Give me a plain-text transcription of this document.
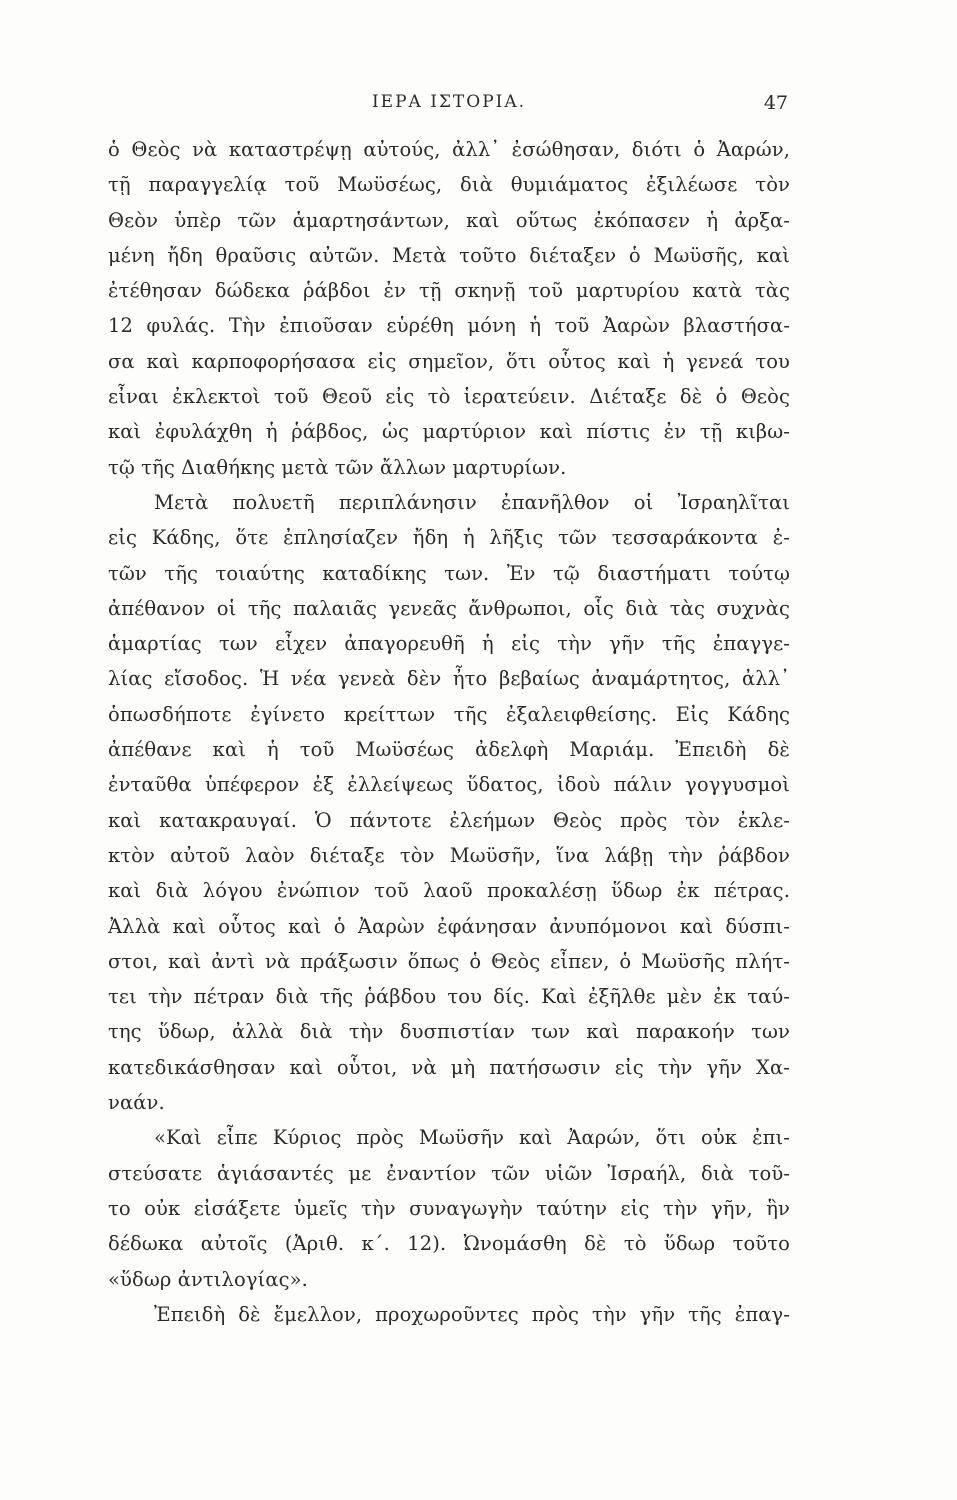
ΙΕΡΑ ΙΣΤΟΡΙΑ.	47
ὁ Θεὸς νὰ καταστρέψῃ αὐτούς, ἀλλ᾽ ἐσώθησαν, διότι ὁ Ἀαρών,
τῇ παραγγελίᾳ τοῦ Μωϋσέως, διὰ θυμιάματος ἐξιλέωσε τὸν
Θεὸν ὑπὲρ τῶν ἁμαρτησάντων, καὶ οὕτως ἐκόπασεν ἡ ἀρξα-
μένη ἤδη θραῦσις αὐτῶν. Μετὰ τοῦτο διέταξεν ὁ Μωϋσῆς, καὶ
ἐτέθησαν δώδεκα ῥάβδοι ἐν τῇ σκηνῇ τοῦ μαρτυρίου κατὰ τὰς
12 φυλάς. Τὴν ἐπιοῦσαν εὑρέθη μόνη ἡ τοῦ Ἀαρὼν βλαστήσα-
σα καὶ καρποφορήσασα εἰς σημεῖον, ὅτι οὗτος καὶ ἡ γενεά του
εἶναι ἐκλεκτοὶ τοῦ Θεοῦ εἰς τὸ ἱερατεύειν. Διέταξε δὲ ὁ Θεὸς
καὶ ἐφυλάχθη ἡ ῥάβδος, ὡς μαρτύριον καὶ πίστις ἐν τῇ κιβω-
τῷ τῆς Διαθήκης μετὰ τῶν ἄλλων μαρτυρίων.
Μετὰ πολυετῆ περιπλάνησιν ἐπανῆλθον οἱ Ἰσραηλῖται
εἰς Κάδης, ὅτε ἐπλησίαζεν ἤδη ἡ λῆξις τῶν τεσσαράκοντα ἐ-
τῶν τῆς τοιαύτης καταδίκης των. Ἐν τῷ διαστήματι τούτῳ
ἀπέθανον οἱ τῆς παλαιᾶς γενεᾶς ἄνθρωποι, οἷς διὰ τὰς συχνὰς
ἁμαρτίας των εἶχεν ἀπαγορευθῆ ἡ εἰς τὴν γῆν τῆς ἐπαγγε-
λίας εἴσοδος. Ἡ νέα γενεὰ δὲν ἦτο βεβαίως ἀναμάρτητος, ἀλλ᾽
ὁπωσδήποτε ἐγίνετο κρείττων τῆς ἐξαλειφθείσης. Εἰς Κάδης
ἀπέθανε καὶ ἡ τοῦ Μωϋσέως ἀδελφὴ Μαριάμ. Ἐπειδὴ δὲ
ἐνταῦθα ὑπέφερον ἐξ ἐλλείψεως ὕδατος, ἰδοὺ πάλιν γογγυσμοὶ
καὶ κατακραυγαί. Ὁ πάντοτε ἐλεήμων Θεὸς πρὸς τὸν ἐκλε-
κτὸν αὐτοῦ λαὸν διέταξε τὸν Μωϋσῆν, ἵνα λάβῃ τὴν ῥάβδον
καὶ διὰ λόγου ἐνώπιον τοῦ λαοῦ προκαλέσῃ ὕδωρ ἐκ πέτρας.
Ἀλλὰ καὶ οὗτος καὶ ὁ Ἀαρὼν ἐφάνησαν ἀνυπόμονοι καὶ δύσπι-
στοι, καὶ ἀντὶ νὰ πράξωσιν ὅπως ὁ Θεὸς εἶπεν, ὁ Μωϋσῆς πλήτ-
τει τὴν πέτραν διὰ τῆς ῥάβδου του δίς. Καὶ ἐξῆλθε μὲν ἐκ ταύ-
της ὕδωρ, ἀλλὰ διὰ τὴν δυσπιστίαν των καὶ παρακοήν των
κατεδικάσθησαν καὶ οὗτοι, νὰ μὴ πατήσωσιν εἰς τὴν γῆν Χα-
ναάν.
«Καὶ εἶπε Κύριος πρὸς Μωϋσῆν καὶ Ἀαρών, ὅτι οὐκ ἐπι-
στεύσατε ἁγιάσαντές με ἐναντίον τῶν υἱῶν Ἰσραήλ, διὰ τοῦ-
το οὐκ εἰσάξετε ὑμεῖς τὴν συναγωγὴν ταύτην εἰς τὴν γῆν, ἣν
δέδωκα αὐτοῖς (Ἀριθ. κ΄. 12). Ὠνομάσθη δὲ τὸ ὕδωρ τοῦτο
«ὕδωρ ἀντιλογίας».
Ἐπειδὴ δὲ ἔμελλον, προχωροῦντες πρὸς τὴν γῆν τῆς ἐπαγ-
